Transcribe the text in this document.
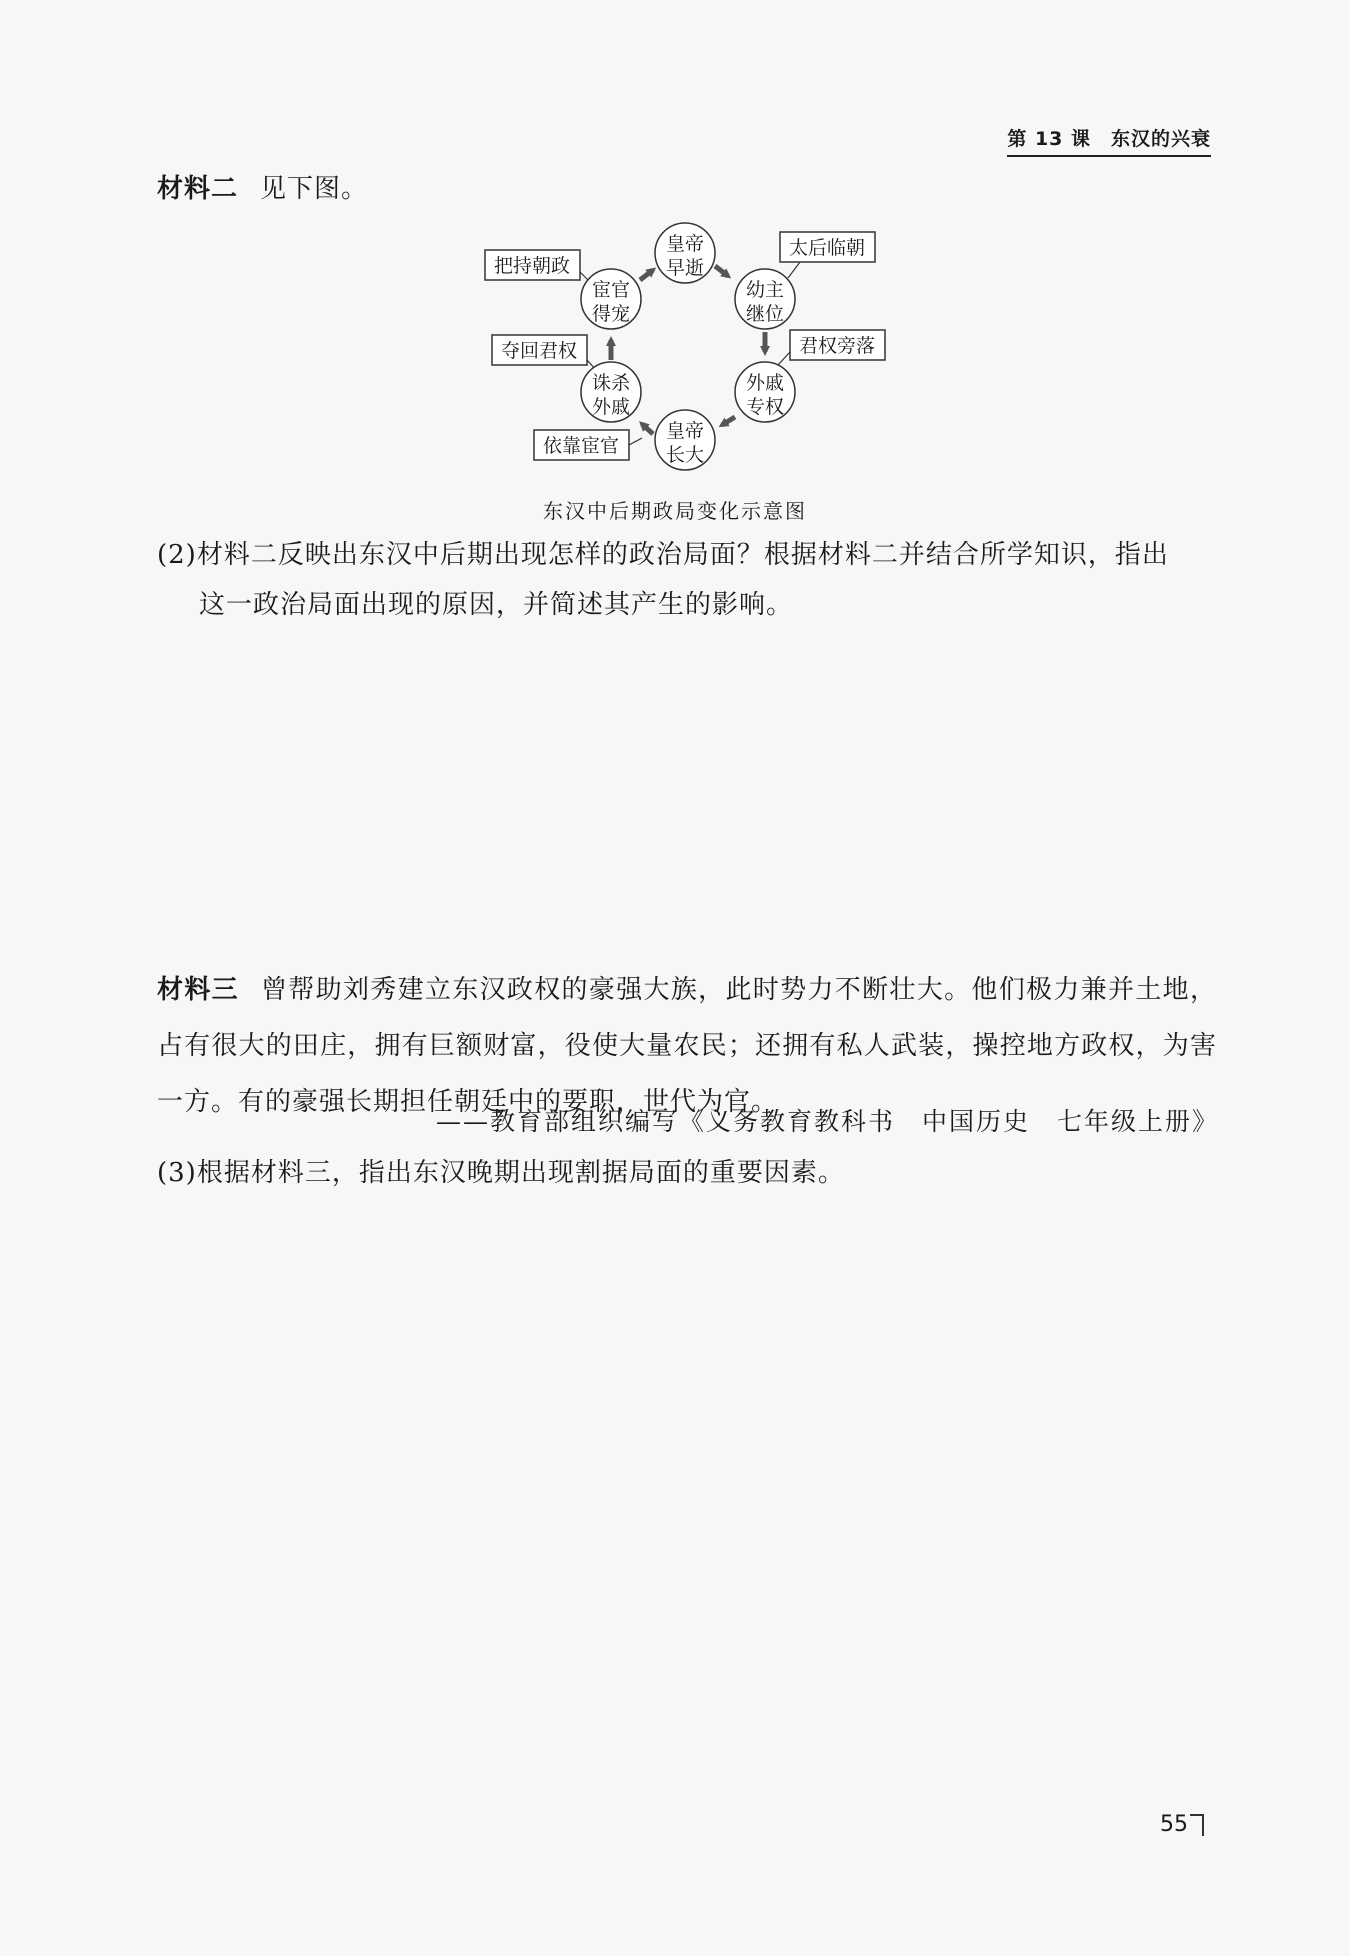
第 13 课　东汉的兴衰
材料二 见下图。
把持朝政
太后临朝
夺回君权	君权旁落
依靠宦官
皇帝
早逝
幼主
继位
外戚
专权
皇帝
长大
诛杀
外戚
宦官
得宠
东汉中后期政局变化示意图
(2)材料二反映出东汉中后期出现怎样的政治局面？根据材料二并结合所学知识，指出
这一政治局面出现的原因，并简述其产生的影响。
材料三 曾帮助刘秀建立东汉政权的豪强大族，此时势力不断壮大。他们极力兼并土地，占有很大的田庄，拥有巨额财富，役使大量农民；还拥有私人武装，操控地方政权，为害一方。有的豪强长期担任朝廷中的要职，世代为官。
——教育部组织编写《义务教育教科书　中国历史　七年级上册》
(3)根据材料三，指出东汉晚期出现割据局面的重要因素。
55
